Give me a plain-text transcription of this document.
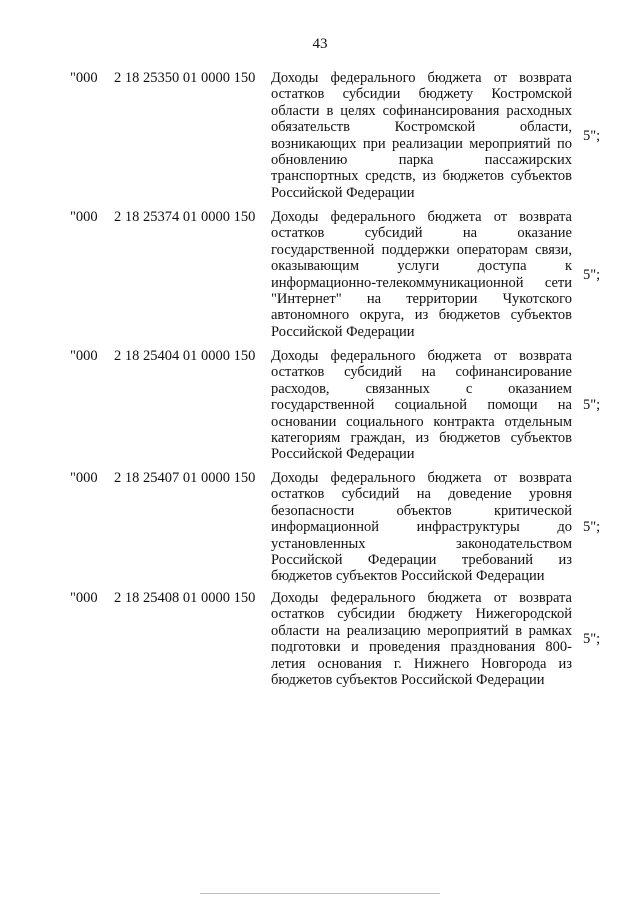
43
"000 2 18 25350 01 0000 150 Доходы федерального бюджета от возврата
остатков субсидии бюджету Костромской
области в целях софинансирования расходных
обязательств Костромской области,
возникающих при реализации мероприятий по
обновлению парка пассажирских
транспортных средств, из бюджетов субъектов
Российской Федерации
5";
"000 2 18 25374 01 0000 150 Доходы федерального бюджета от возврата
остатков субсидий на оказание
государственной поддержки операторам связи,
оказывающим услуги доступа к
информационно-телекоммуникационной сети
"Интернет" на территории Чукотского
автономного округа, из бюджетов субъектов
Российской Федерации
5";
"000 2 18 25404 01 0000 150 Доходы федерального бюджета от возврата
остатков субсидий на софинансирование
расходов, связанных с оказанием
государственной социальной помощи на
основании социального контракта отдельным
категориям граждан, из бюджетов субъектов
Российской Федерации
5";
"000 2 18 25407 01 0000 150 Доходы федерального бюджета от возврата
остатков субсидий на доведение уровня
безопасности объектов критической
информационной инфраструктуры до
установленных законодательством
Российской Федерации требований из
бюджетов субъектов Российской Федерации
5";
"000 2 18 25408 01 0000 150 Доходы федерального бюджета от возврата
остатков субсидии бюджету Нижегородской
области на реализацию мероприятий в рамках
подготовки и проведения празднования 800-
летия основания г. Нижнего Новгорода из
бюджетов субъектов Российской Федерации
5";
